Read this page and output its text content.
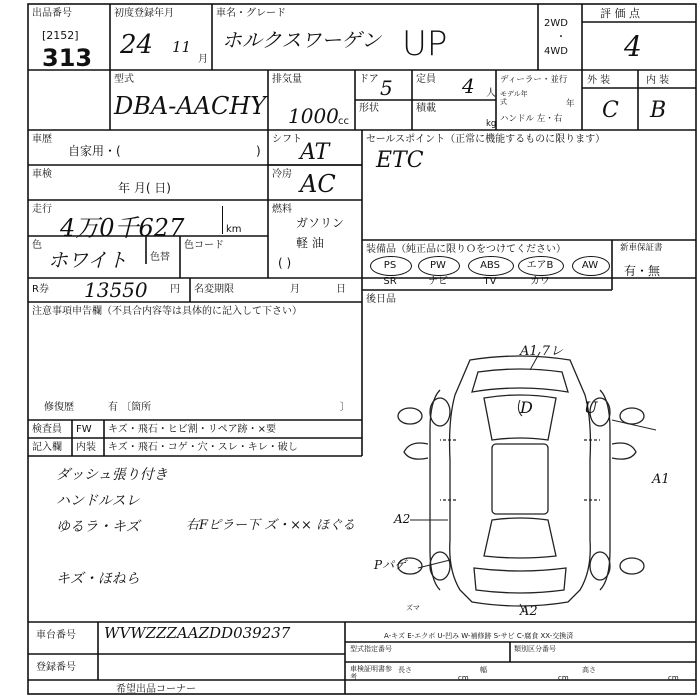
出品番号
[2152]
313
初度登録年月
24 11
月
車名・グレード
ホルクスワーゲン UP
2WD
・
4WD
評 価 点
4
型式
DBA-AACHY
排気量
1000 cc
ドア 5 定員 4 人
形状	積載
kg
ディーラー・並行
モデル年式	年
ハンドル 左・右
外 装	内 装
C B
車歴
自家用・(	)
シフト
AT
車検
年 月( 日)
冷房 AC
走行
4万0千627	km
燃料
ガソリン
軽 油
( )
色
ホワイト 色替
色コード
R券 13550 円 名変期限	月	日
セールスポイント（正常に機能するものに限ります）
ETC
装備品（純正品に限りＯをつけてください）	新車保証書
有・無
PS	PW	ABS	エアB	AW
SR	ナビ	TV	カワ
後日品
注意事項申告欄（不具合内容等は具体的に記入して下さい）
修復歴	有 〔箇所	〕
検査員
記入欄
FW キズ・飛石・ヒビ割・リペア跡・×要
内装 キズ・飛石・コゲ・穴・スレ・キレ・破し
ダッシュ張り付き
ハンドルスレ
ゆるラ・キズ
キズ・ほねら
右Fピラー下 ズ・×× ほぐる
A1 7レ
A1
A2
Pパゲ
A2
D	U
ズマ
A-キズ E-エクボ U-凹み W-補修跡 S-サビ C-腐食 XX-交換済
型式指定番号	類別区分番号
車検証明書参考
長さ	幅	高さ
cm	cm	cm
車台番号 WVWZZZAAZDD039237
登録番号
希望出品コーナー
